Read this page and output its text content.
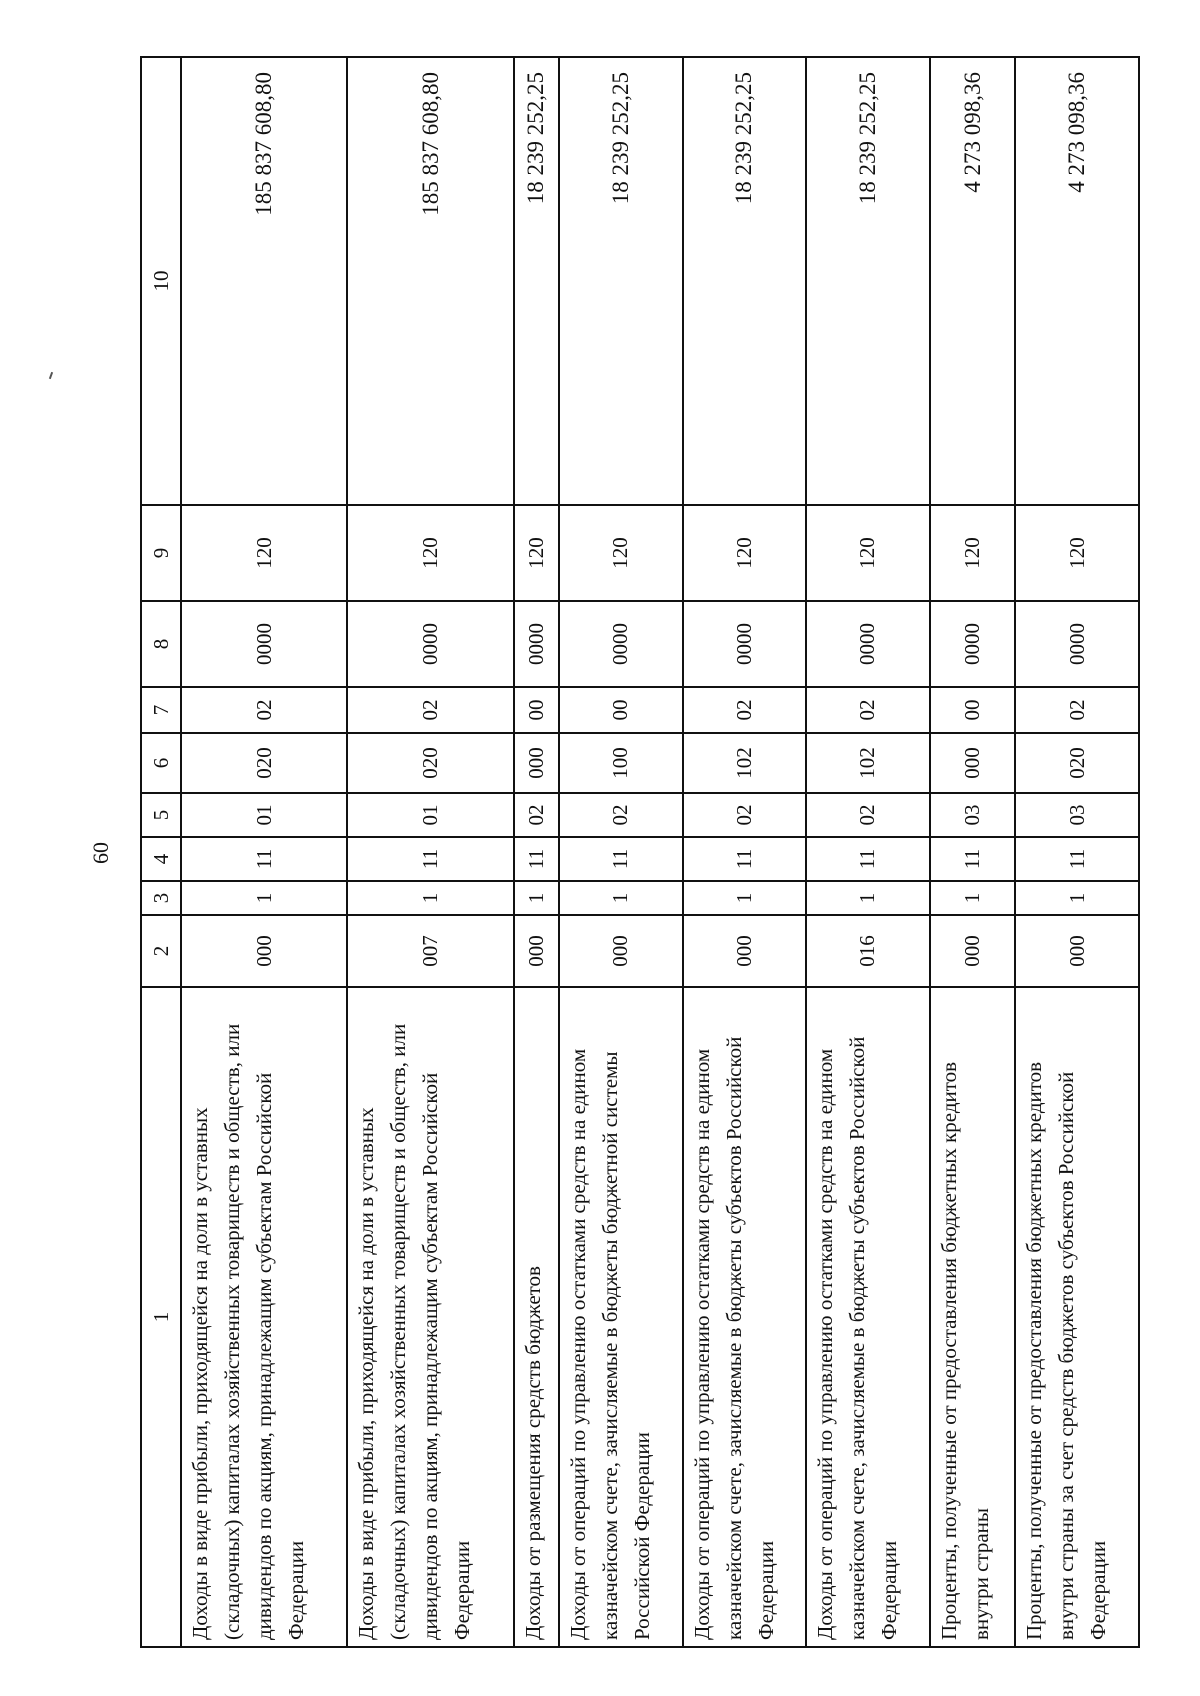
60
1	2	3	4	5	6	7	8	9	10
Доходы в виде прибыли, приходящейся на доли в уставных (складочных) капиталах хозяйственных товариществ и обществ, или дивидендов по акциям, принадлежащим субъектам Российской Федерации	000	1	11	01	020	02	0000	120	185 837 608,80
Доходы в виде прибыли, приходящейся на доли в уставных (складочных) капиталах хозяйственных товариществ и обществ, или дивидендов по акциям, принадлежащим субъектам Российской Федерации	007	1	11	01	020	02	0000	120	185 837 608,80
Доходы от размещения средств бюджетов	000	1	11	02	000	00	0000	120	18 239 252,25
Доходы от операций по управлению остатками средств на едином казначейском счете, зачисляемые в бюджеты бюджетной системы Российской Федерации	000	1	11	02	100	00	0000	120	18 239 252,25
Доходы от операций по управлению остатками средств на едином казначейском счете, зачисляемые в бюджеты субъектов Российской Федерации	000	1	11	02	102	02	0000	120	18 239 252,25
Доходы от операций по управлению остатками средств на едином казначейском счете, зачисляемые в бюджеты субъектов Российской Федерации	016	1	11	02	102	02	0000	120	18 239 252,25
Проценты, полученные от предоставления бюджетных кредитов внутри страны	000	1	11	03	000	00	0000	120	4 273 098,36
Проценты, полученные от предоставления бюджетных кредитов внутри страны за счет средств бюджетов субъектов Российской Федерации	000	1	11	03	020	02	0000	120	4 273 098,36
